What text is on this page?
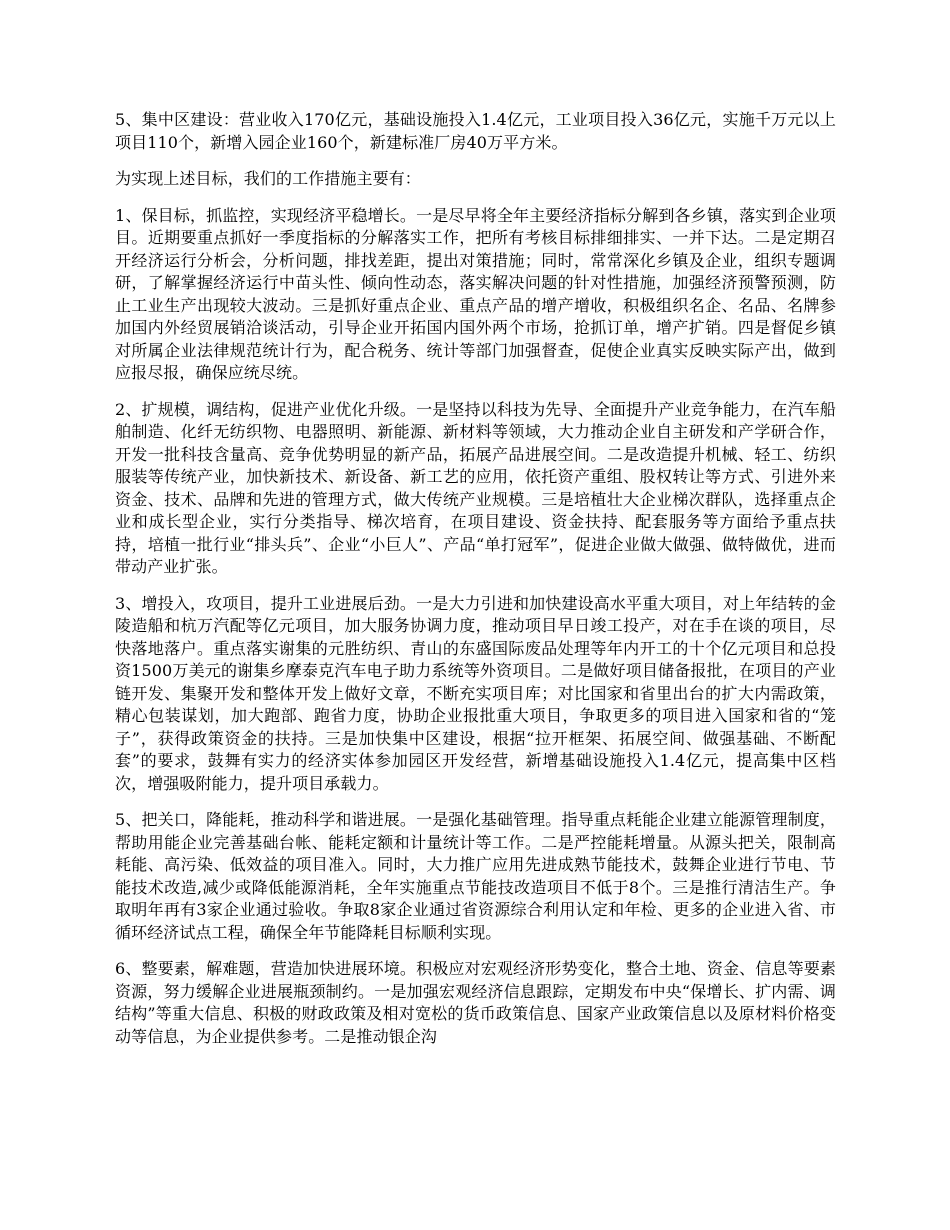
5、集中区建设：营业收入170亿元，基础设施投入1.4亿元，工业项目投入36亿元，实施千万元以上项目110个，新增入园企业160个，新建标准厂房40万平方米。

为实现上述目标，我们的工作措施主要有：

1、保目标，抓监控，实现经济平稳增长。一是尽早将全年主要经济指标分解到各乡镇，落实到企业项目。近期要重点抓好一季度指标的分解落实工作，把所有考核目标排细排实、一并下达。二是定期召开经济运行分析会，分析问题，排找差距，提出对策措施；同时，常常深化乡镇及企业，组织专题调研，了解掌握经济运行中苗头性、倾向性动态，落实解决问题的针对性措施，加强经济预警预测，防止工业生产出现较大波动。三是抓好重点企业、重点产品的增产增收，积极组织名企、名品、名牌参加国内外经贸展销洽谈活动，引导企业开拓国内国外两个市场，抢抓订单，增产扩销。四是督促乡镇对所属企业法律规范统计行为，配合税务、统计等部门加强督查，促使企业真实反映实际产出，做到应报尽报，确保应统尽统。

2、扩规模，调结构，促进产业优化升级。一是坚持以科技为先导、全面提升产业竞争能力，在汽车船舶制造、化纤无纺织物、电器照明、新能源、新材料等领域，大力推动企业自主研发和产学研合作，开发一批科技含量高、竞争优势明显的新产品，拓展产品进展空间。二是改造提升机械、轻工、纺织服装等传统产业，加快新技术、新设备、新工艺的应用，依托资产重组、股权转让等方式、引进外来资金、技术、品牌和先进的管理方式，做大传统产业规模。三是培植壮大企业梯次群队，选择重点企业和成长型企业，实行分类指导、梯次培育，在项目建设、资金扶持、配套服务等方面给予重点扶持，培植一批行业“排头兵”、企业“小巨人”、产品“单打冠军”，促进企业做大做强、做特做优，进而带动产业扩张。

3、增投入，攻项目，提升工业进展后劲。一是大力引进和加快建设高水平重大项目，对上年结转的金陵造船和杭万汽配等亿元项目，加大服务协调力度，推动项目早日竣工投产，对在手在谈的项目，尽快落地落户。重点落实谢集的元胜纺织、青山的东盛国际废品处理等年内开工的十个亿元项目和总投资1500万美元的谢集乡摩泰克汽车电子助力系统等外资项目。二是做好项目储备报批，在项目的产业链开发、集聚开发和整体开发上做好文章，不断充实项目库；对比国家和省里出台的扩大内需政策，精心包装谋划，加大跑部、跑省力度，协助企业报批重大项目，争取更多的项目进入国家和省的“笼子”，获得政策资金的扶持。三是加快集中区建设，根据“拉开框架、拓展空间、做强基础、不断配套”的要求，鼓舞有实力的经济实体参加园区开发经营，新增基础设施投入1.4亿元，提高集中区档次，增强吸附能力，提升项目承载力。

5、把关口，降能耗，推动科学和谐进展。一是强化基础管理。指导重点耗能企业建立能源管理制度，帮助用能企业完善基础台帐、能耗定额和计量统计等工作。二是严控能耗增量。从源头把关，限制高耗能、高污染、低效益的项目准入。同时，大力推广应用先进成熟节能技术，鼓舞企业进行节电、节能技术改造,减少或降低能源消耗，全年实施重点节能技改造项目不低于8个。三是推行清洁生产。争取明年再有3家企业通过验收。争取8家企业通过省资源综合利用认定和年检、更多的企业进入省、市循环经济试点工程，确保全年节能降耗目标顺利实现。

6、整要素，解难题，营造加快进展环境。积极应对宏观经济形势变化，整合土地、资金、信息等要素资源，努力缓解企业进展瓶颈制约。一是加强宏观经济信息跟踪，定期发布中央“保增长、扩内需、调结构”等重大信息、积极的财政政策及相对宽松的货币政策信息、国家产业政策信息以及原材料价格变动等信息，为企业提供参考。二是推动银企沟
